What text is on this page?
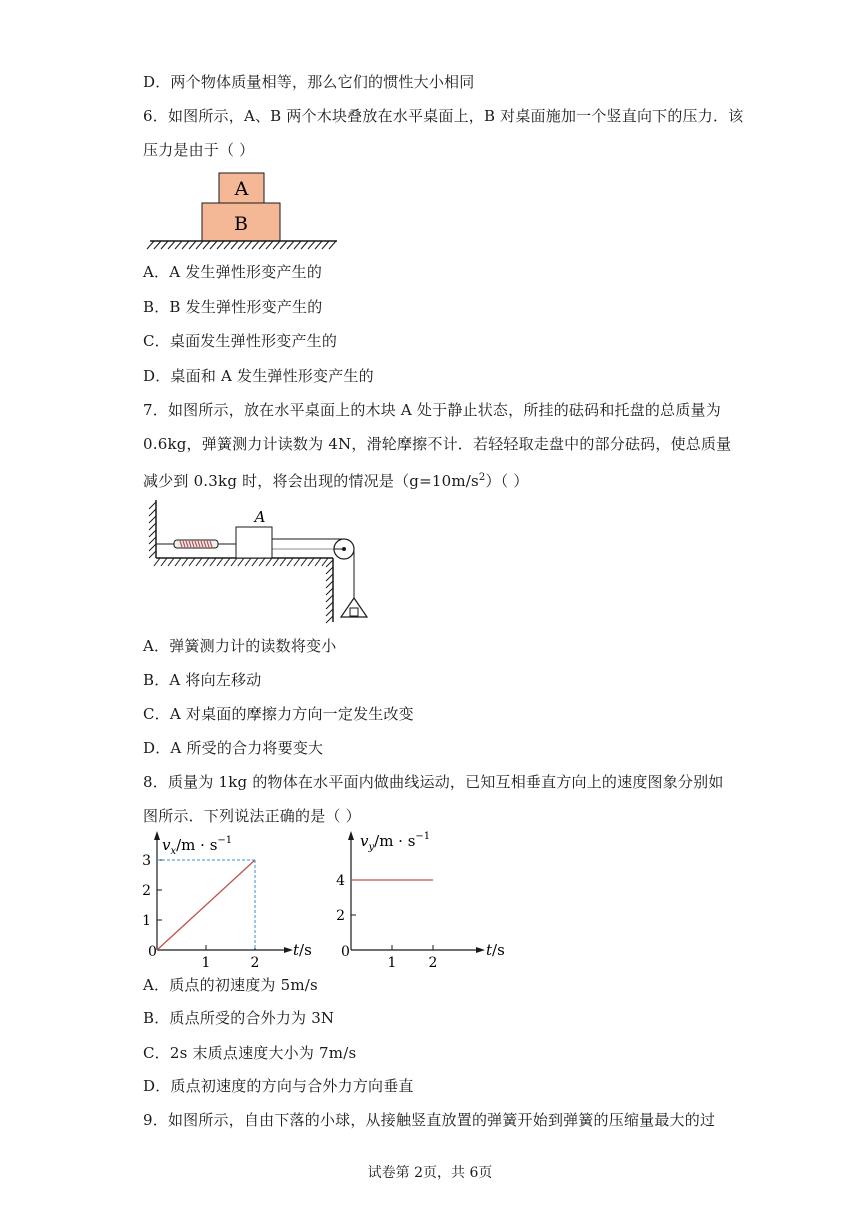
D．两个物体质量相等，那么它们的惯性大小相同
6．如图所示，A、B 两个木块叠放在水平桌面上，B 对桌面施加一个竖直向下的压力．该
压力是由于（ ）
A
B
A．A 发生弹性形变产生的
B．B 发生弹性形变产生的
C．桌面发生弹性形变产生的
D．桌面和 A 发生弹性形变产生的
7．如图所示，放在水平桌面上的木块 A 处于静止状态，所挂的砝码和托盘的总质量为
0.6kg，弹簧测力计读数为 4N，滑轮摩擦不计．若轻轻取走盘中的部分砝码，使总质量
减少到 0.3kg 时，将会出现的情况是$(g=10m/s^2)$（ ）
A
A．弹簧测力计的读数将变小
B．A 将向左移动
C．A 对桌面的摩擦力方向一定发生改变
D．A 所受的合力将要变大
8．质量为 1kg 的物体在水平面内做曲线运动，已知互相垂直方向上的速度图象分别如
图所示．下列说法正确的是（ ）
$v_x/m \cdot s^{-1}$
t/s
0
1	2
3
2
1
$v_y/m \cdot s^{-1}$
t/s
0
1 2
4
2
A．质点的初速度为 5m/s
B．质点所受的合外力为 3N
C．2s 末质点速度大小为 7m/s
D．质点初速度的方向与合外力方向垂直
9．如图所示，自由下落的小球，从接触竖直放置的弹簧开始到弹簧的压缩量最大的过
试卷第 2页，共 6页
